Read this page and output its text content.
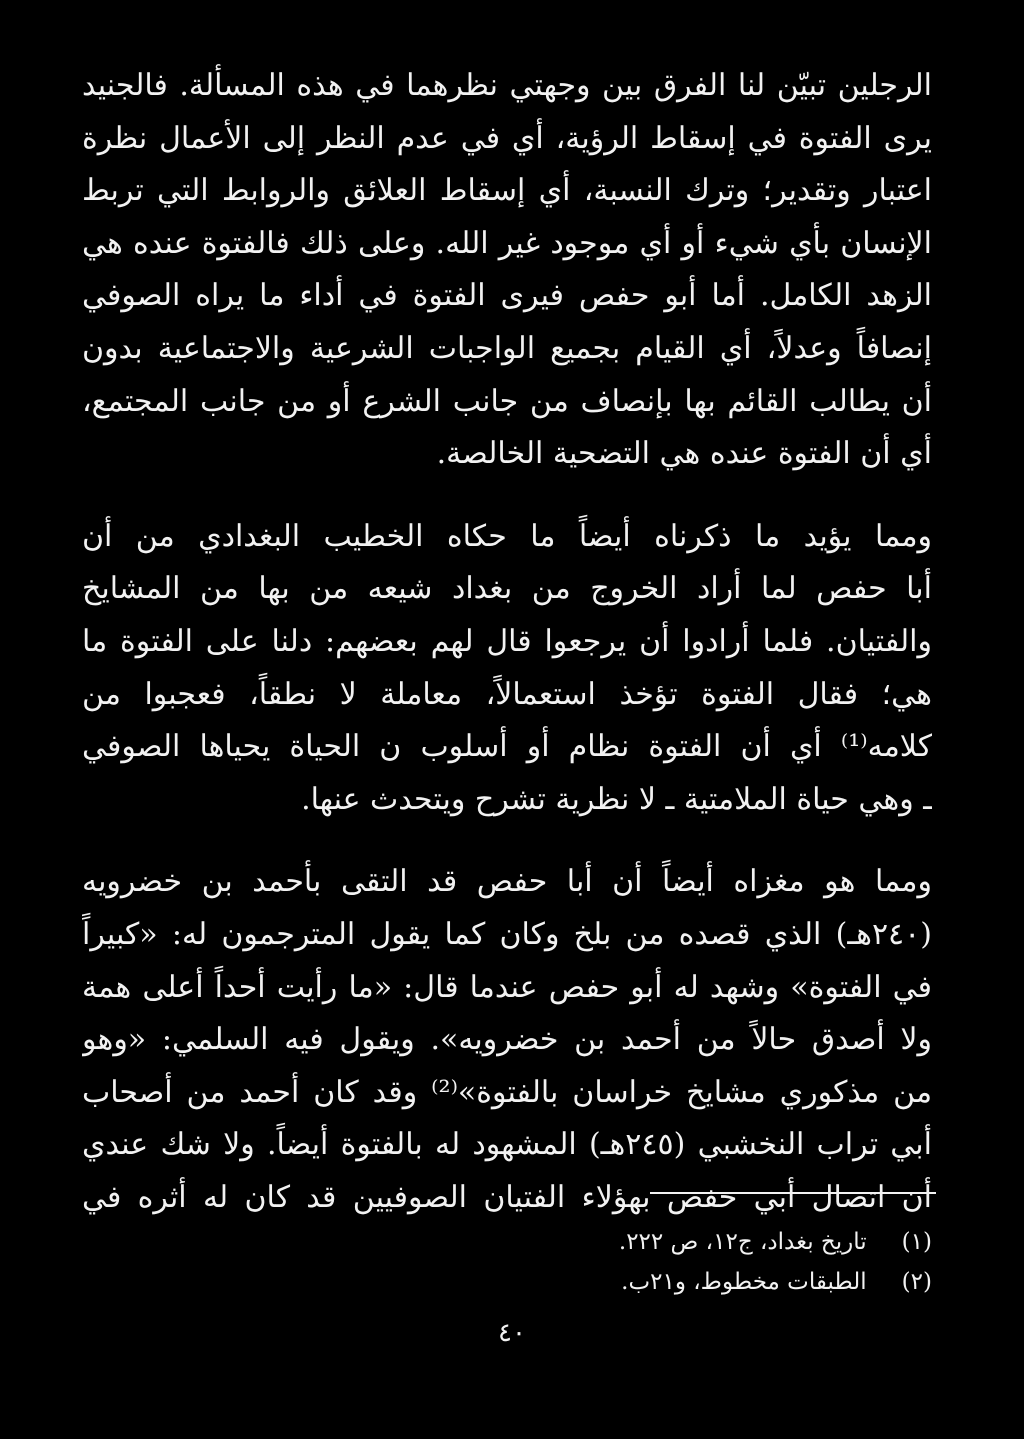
الرجلين تبيّن لنا الفرق بين وجهتي نظرهما في هذه المسألة. فالجنيد
يرى الفتوة في إسقاط الرؤية، أي في عدم النظر إلى الأعمال نظرة
اعتبار وتقدير؛ وترك النسبة، أي إسقاط العلائق والروابط التي تربط
الإنسان بأي شيء أو أي موجود غير الله. وعلى ذلك فالفتوة عنده هي
الزهد الكامل. أما أبو حفص فيرى الفتوة في أداء ما يراه الصوفي
إنصافاً وعدلاً، أي القيام بجميع الواجبات الشرعية والاجتماعية بدون
أن يطالب القائم بها بإنصاف من جانب الشرع أو من جانب المجتمع،
أي أن الفتوة عنده هي التضحية الخالصة.
ومما يؤيد ما ذكرناه أيضاً ما حكاه الخطيب البغدادي من أن
أبا حفص لما أراد الخروج من بغداد شيعه من بها من المشايخ
والفتيان. فلما أرادوا أن يرجعوا قال لهم بعضهم: دلنا على الفتوة ما
هي؛ فقال الفتوة تؤخذ استعمالاً، معاملة لا نطقاً، فعجبوا من
كلامه⁽¹⁾ أي أن الفتوة نظام أو أسلوب ن الحياة يحياها الصوفي
ـ وهي حياة الملامتية ـ لا نظرية تشرح ويتحدث عنها.
ومما هو مغزاه أيضاً أن أبا حفص قد التقى بأحمد بن خضرويه
(٢٤٠هـ) الذي قصده من بلخ وكان كما يقول المترجمون له: «كبيراً
في الفتوة» وشهد له أبو حفص عندما قال: «ما رأيت أحداً أعلى همة
ولا أصدق حالاً من أحمد بن خضرويه». ويقول فيه السلمي: «وهو
من مذكوري مشايخ خراسان بالفتوة»⁽²⁾ وقد كان أحمد من أصحاب
أبي تراب النخشبي (٢٤٥هـ) المشهود له بالفتوة أيضاً. ولا شك عندي
أن اتصال أبي حفص بهؤلاء الفتيان الصوفيين قد كان له أثره في
(١) تاريخ بغداد، ج١٢، ص ٢٢٢.
(٢) الطبقات مخطوط، و٢١ب.
٤٠
